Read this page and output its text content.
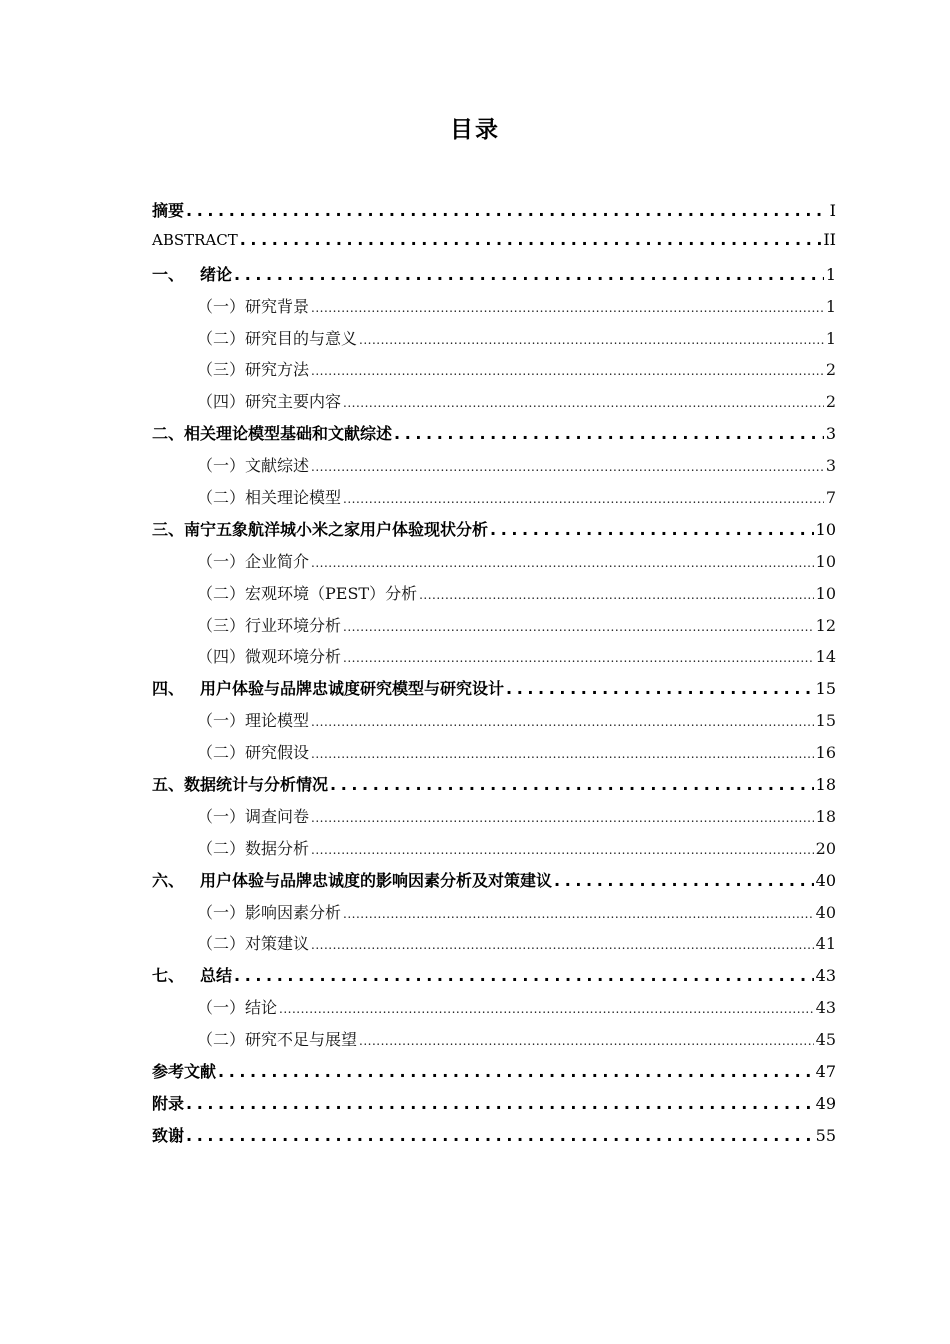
目录
摘要 .....	I
ABSTRACT .....	II
一、 绪论 .....	1
（一）研究背景 .....	1
（二）研究目的与意义 .....	1
（三）研究方法 .....	2
（四）研究主要内容 .....	2
二、相关理论模型基础和文献综述 .....	3
（一）文献综述 .....	3
（二）相关理论模型 .....	7
三、南宁五象航洋城小米之家用户体验现状分析 .....	10
（一）企业简介 .....	10
（二）宏观环境（PEST）分析 .....	10
（三）行业环境分析 .....	12
（四）微观环境分析 .....	14
四、 用户体验与品牌忠诚度研究模型与研究设计 .....	15
（一）理论模型 .....	15
（二）研究假设 .....	16
五、数据统计与分析情况 .....	18
（一）调查问卷 .....	18
（二）数据分析 .....	20
六、 用户体验与品牌忠诚度的影响因素分析及对策建议 .....	40
（一）影响因素分析 .....	40
（二）对策建议 .....	41
七、 总结 .....	43
（一）结论 .....	43
（二）研究不足与展望 .....	45
参考文献 .....	47
附录 .....	49
致谢 .....	55
